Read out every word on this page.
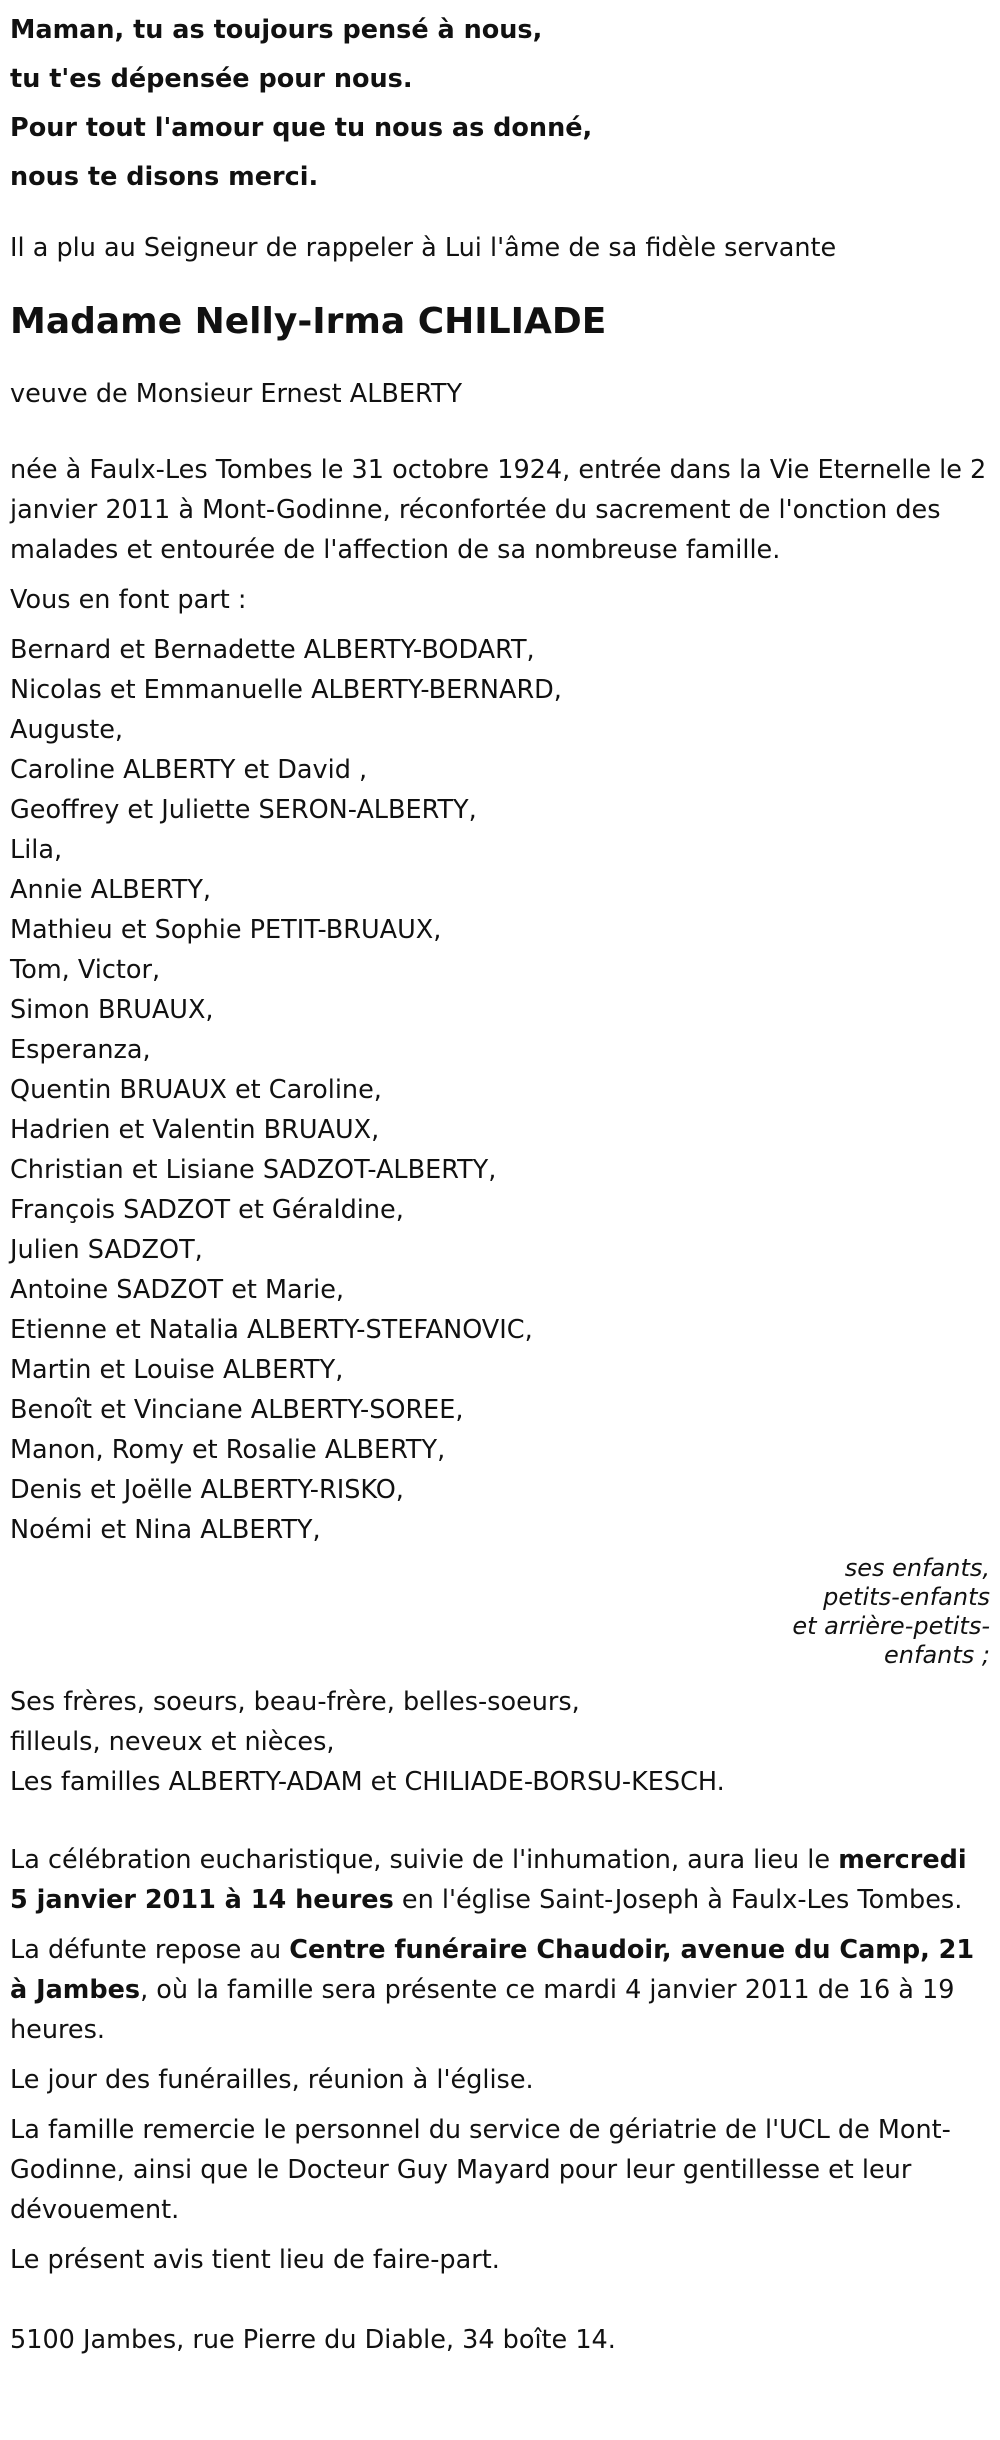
Maman, tu as toujours pensé à nous,
tu t'es dépensée pour nous.
Pour tout l'amour que tu nous as donné,
nous te disons merci.

Il a plu au Seigneur de rappeler à Lui l'âme de sa fidèle servante

Madame Nelly-Irma CHILIADE

veuve de Monsieur Ernest ALBERTY

née à Faulx-Les Tombes le 31 octobre 1924, entrée dans la Vie Eternelle le 2 janvier 2011 à Mont-Godinne, réconfortée du sacrement de l'onction des malades et entourée de l'affection de sa nombreuse famille.

Vous en font part :

Bernard et Bernadette ALBERTY-BODART,
Nicolas et Emmanuelle ALBERTY-BERNARD,
Auguste,
Caroline ALBERTY et David ,
Geoffrey et Juliette SERON-ALBERTY,
Lila,
Annie ALBERTY,
Mathieu et Sophie PETIT-BRUAUX,
Tom, Victor,
Simon BRUAUX,
Esperanza,
Quentin BRUAUX et Caroline,
Hadrien et Valentin BRUAUX,
Christian et Lisiane SADZOT-ALBERTY,
François SADZOT et Géraldine,
Julien SADZOT,
Antoine SADZOT et Marie,
Etienne et Natalia ALBERTY-STEFANOVIC,
Martin et Louise ALBERTY,
Benoît et Vinciane ALBERTY-SOREE,
Manon, Romy et Rosalie ALBERTY,
Denis et Joëlle ALBERTY-RISKO,
Noémi et Nina ALBERTY,
ses enfants, petits-enfants
et arrière-petits-enfants ;
Ses frères, soeurs, beau-frère, belles-soeurs,
filleuls, neveux et nièces,
Les familles ALBERTY-ADAM et CHILIADE-BORSU-KESCH.

La célébration eucharistique, suivie de l'inhumation, aura lieu le mercredi 5 janvier 2011 à 14 heures en l'église Saint-Joseph à Faulx-Les Tombes.

La défunte repose au Centre funéraire Chaudoir, avenue du Camp, 21 à Jambes, où la famille sera présente ce mardi 4 janvier 2011 de 16 à 19 heures.

Le jour des funérailles, réunion à l'église.

La famille remercie le personnel du service de gériatrie de l'UCL de Mont-Godinne, ainsi que le Docteur Guy Mayard pour leur gentillesse et leur dévouement.

Le présent avis tient lieu de faire-part.

5100 Jambes, rue Pierre du Diable, 34 boîte 14.
